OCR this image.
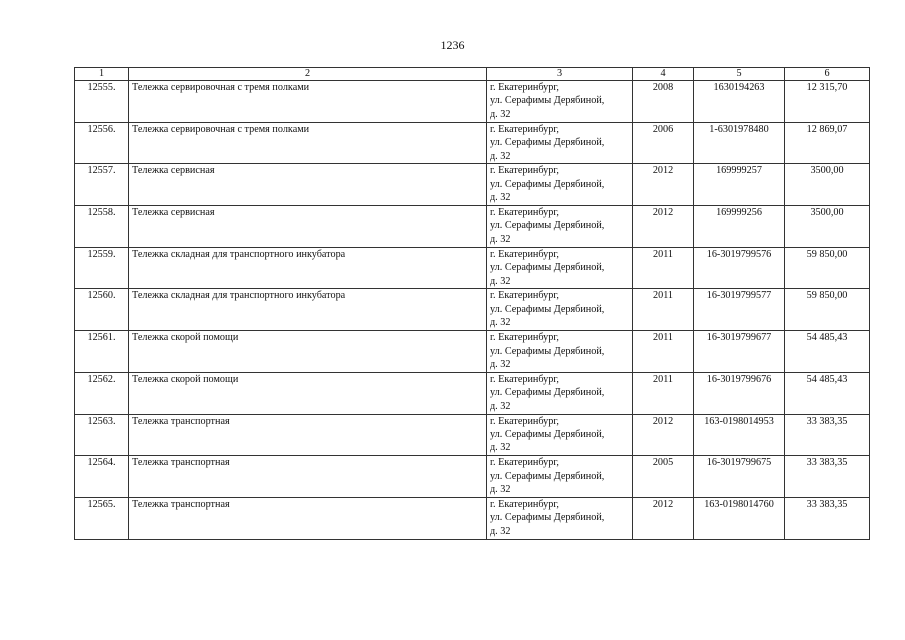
1236
1	2	3	4	5	6
12555.	Тележка сервировочная с тремя полками	г. Екатеринбург,
ул. Серафимы Дерябиной,
д. 32	2008	1630194263	12 315,70
12556.	Тележка сервировочная с тремя полками	г. Екатеринбург,
ул. Серафимы Дерябиной,
д. 32	2006	1-6301978480	12 869,07
12557.	Тележка сервисная	г. Екатеринбург,
ул. Серафимы Дерябиной,
д. 32	2012	169999257	3500,00
12558.	Тележка сервисная	г. Екатеринбург,
ул. Серафимы Дерябиной,
д. 32	2012	169999256	3500,00
12559.	Тележка складная для транспортного инкубатора	г. Екатеринбург,
ул. Серафимы Дерябиной,
д. 32	2011	16-3019799576	59 850,00
12560.	Тележка складная для транспортного инкубатора	г. Екатеринбург,
ул. Серафимы Дерябиной,
д. 32	2011	16-3019799577	59 850,00
12561.	Тележка скорой помощи	г. Екатеринбург,
ул. Серафимы Дерябиной,
д. 32	2011	16-3019799677	54 485,43
12562.	Тележка скорой помощи	г. Екатеринбург,
ул. Серафимы Дерябиной,
д. 32	2011	16-3019799676	54 485,43
12563.	Тележка транспортная	г. Екатеринбург,
ул. Серафимы Дерябиной,
д. 32	2012	163-0198014953	33 383,35
12564.	Тележка транспортная	г. Екатеринбург,
ул. Серафимы Дерябиной,
д. 32	2005	16-3019799675	33 383,35
12565.	Тележка транспортная	г. Екатеринбург,
ул. Серафимы Дерябиной,
д. 32	2012	163-0198014760	33 383,35
